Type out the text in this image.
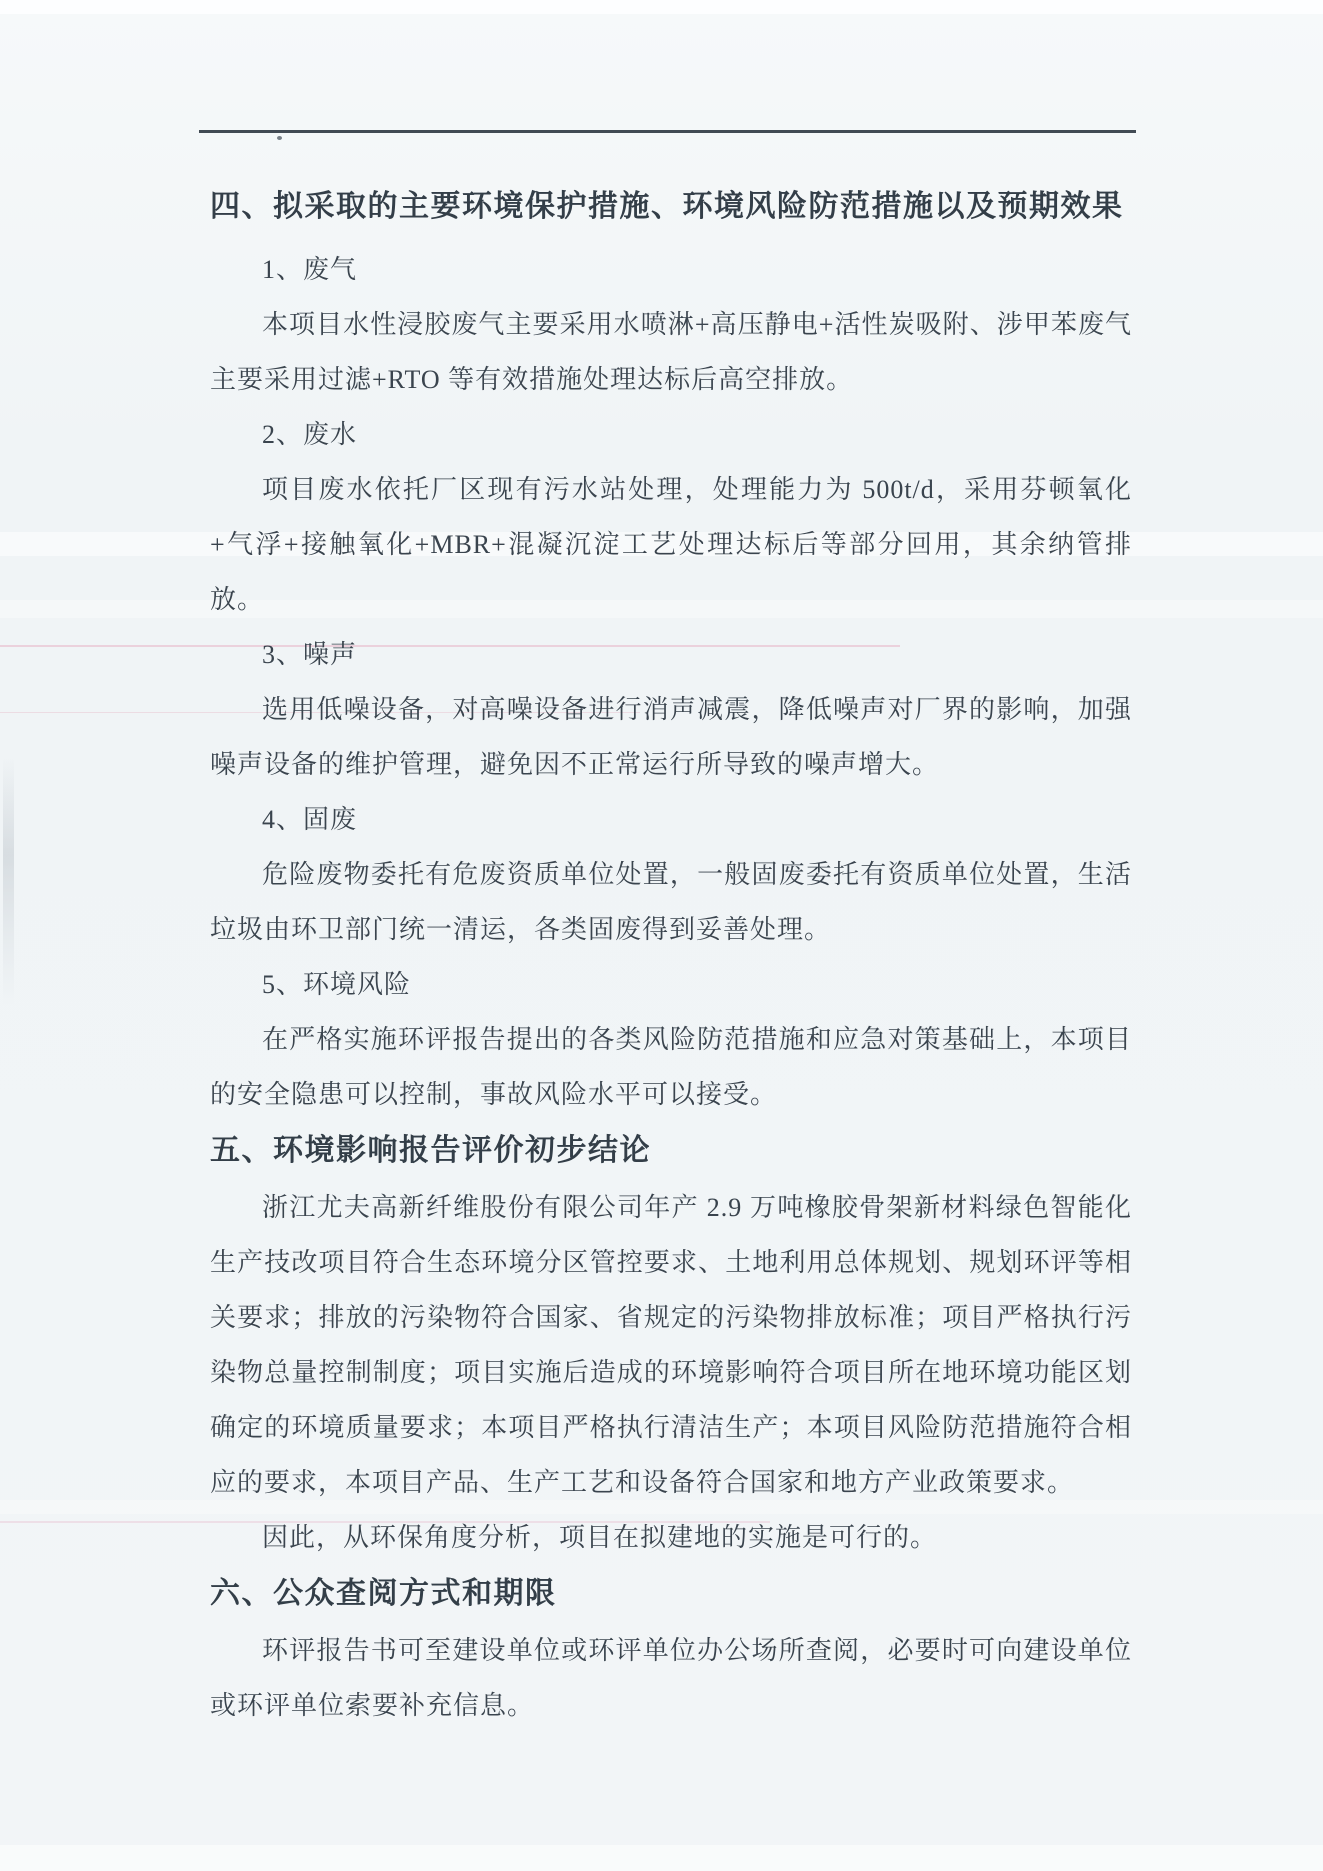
四、拟采取的主要环境保护措施、环境风险防范措施以及预期效果

1、废气

本项目水性浸胶废气主要采用水喷淋+高压静电+活性炭吸附、涉甲苯废气主要采用过滤+RTO 等有效措施处理达标后高空排放。

2、废水

项目废水依托厂区现有污水站处理，处理能力为 500t/d，采用芬顿氧化+气浮+接触氧化+MBR+混凝沉淀工艺处理达标后等部分回用，其余纳管排放。

3、噪声

选用低噪设备，对高噪设备进行消声减震，降低噪声对厂界的影响，加强噪声设备的维护管理，避免因不正常运行所导致的噪声增大。

4、固废

危险废物委托有危废资质单位处置，一般固废委托有资质单位处置，生活垃圾由环卫部门统一清运，各类固废得到妥善处理。

5、环境风险

在严格实施环评报告提出的各类风险防范措施和应急对策基础上，本项目的安全隐患可以控制，事故风险水平可以接受。

五、环境影响报告评价初步结论

浙江尤夫高新纤维股份有限公司年产 2.9 万吨橡胶骨架新材料绿色智能化生产技改项目符合生态环境分区管控要求、土地利用总体规划、规划环评等相关要求；排放的污染物符合国家、省规定的污染物排放标准；项目严格执行污染物总量控制制度；项目实施后造成的环境影响符合项目所在地环境功能区划确定的环境质量要求；本项目严格执行清洁生产；本项目风险防范措施符合相应的要求，本项目产品、生产工艺和设备符合国家和地方产业政策要求。

因此，从环保角度分析，项目在拟建地的实施是可行的。

六、公众查阅方式和期限

环评报告书可至建设单位或环评单位办公场所查阅，必要时可向建设单位或环评单位索要补充信息。
